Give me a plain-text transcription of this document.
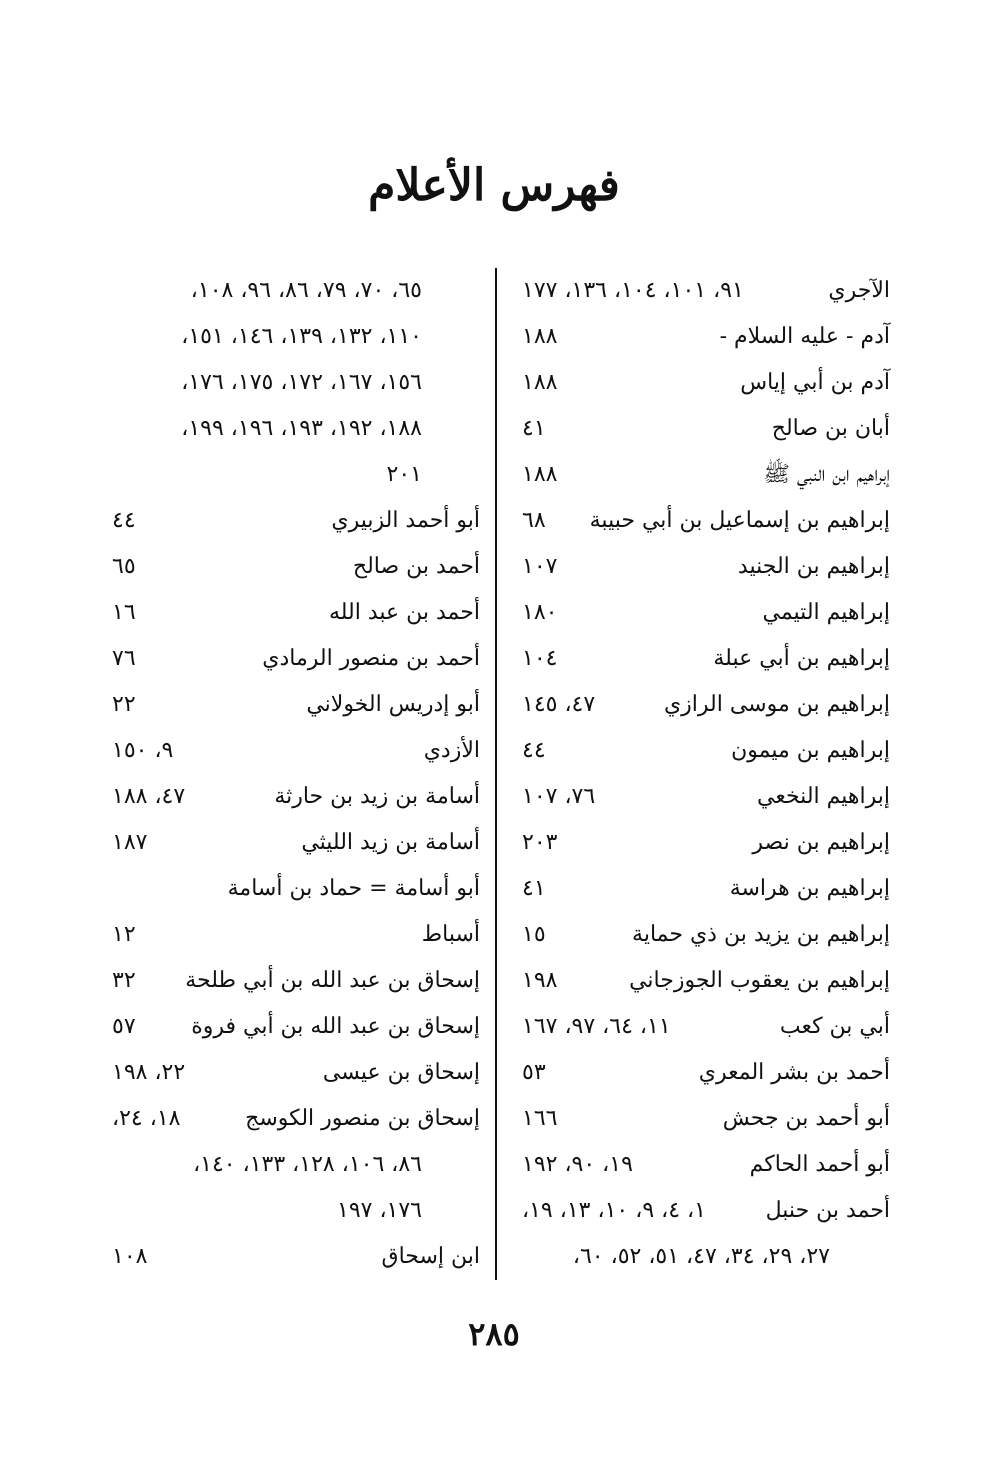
فهرس الأعلام
الآجري
٩١، ١٠١، ١٠٤، ١٣٦، ١٧٧
آدم - عليه السلام -
١٨٨
آدم بن أبي إياس
١٨٨
أبان بن صالح
٤١
إبراهيم ابن النبي ﷺ
١٨٨
إبراهيم بن إسماعيل بن أبي حبيبة
٦٨
إبراهيم بن الجنيد
١٠٧
إبراهيم التيمي
١٨٠
إبراهيم بن أبي عبلة
١٠٤
إبراهيم بن موسى الرازي
٤٧، ١٤٥
إبراهيم بن ميمون
٤٤
إبراهيم النخعي
٧٦، ١٠٧
إبراهيم بن نصر
٢٠٣
إبراهيم بن هراسة
٤١
إبراهيم بن يزيد بن ذي حماية
١٥
إبراهيم بن يعقوب الجوزجاني
١٩٨
أبي بن كعب
١١، ٦٤، ٩٧، ١٦٧
أحمد بن بشر المعري
٥٣
أبو أحمد بن جحش
١٦٦
أبو أحمد الحاكم
١٩، ٩٠، ١٩٢
أحمد بن حنبل
١، ٤، ٩، ١٠، ١٣، ١٩،
٢٧، ٢٩، ٣٤، ٤٧، ٥١، ٥٢، ٦٠،
٦٥، ٧٠، ٧٩، ٨٦، ٩٦، ١٠٨،
١١٠، ١٣٢، ١٣٩، ١٤٦، ١٥١،
١٥٦، ١٦٧، ١٧٢، ١٧٥، ١٧٦،
١٨٨، ١٩٢، ١٩٣، ١٩٦، ١٩٩،
٢٠١
أبو أحمد الزبيري
٤٤
أحمد بن صالح
٦٥
أحمد بن عبد الله
١٦
أحمد بن منصور الرمادي
٧٦
أبو إدريس الخولاني
٢٢
الأزدي
٩، ١٥٠
أسامة بن زيد بن حارثة
٤٧، ١٨٨
أسامة بن زيد الليثي
١٨٧
أبو أسامة = حماد بن أسامة
أسباط
١٢
إسحاق بن عبد الله بن أبي طلحة
٣٢
إسحاق بن عبد الله بن أبي فروة
٥٧
إسحاق بن عيسى
٢٢، ١٩٨
إسحاق بن منصور الكوسج
١٨، ٢٤،
٨٦، ١٠٦، ١٢٨، ١٣٣، ١٤٠،
١٧٦، ١٩٧
ابن إسحاق
١٠٨
٢٨٥
